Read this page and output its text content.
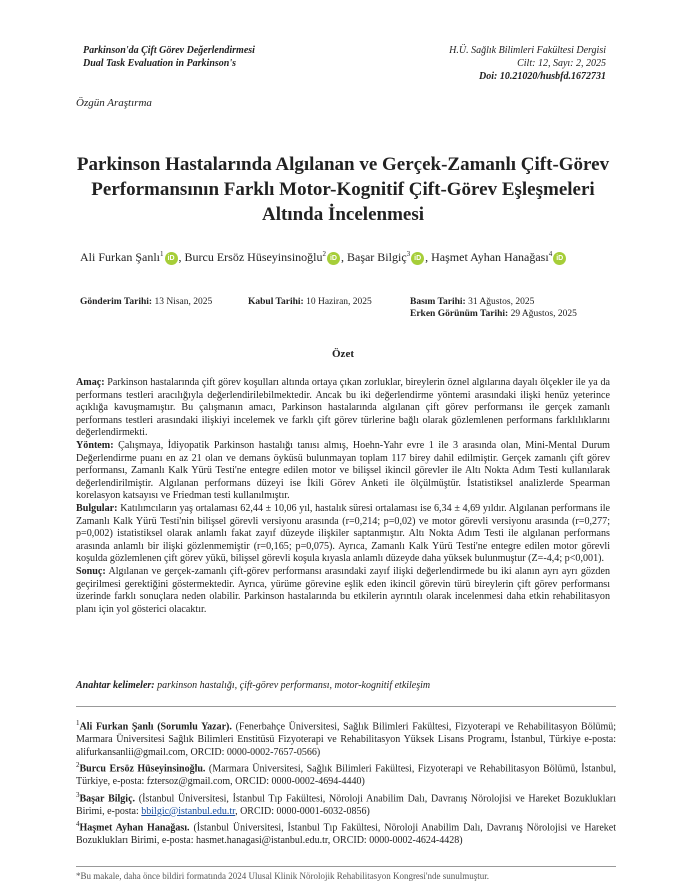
Parkinson'da Çift Görev Değerlendirmesi
Dual Task Evaluation in Parkinson's
H.Ü. Sağlık Bilimleri Fakültesi Dergisi
Cilt: 12, Sayı: 2, 2025
Doi: 10.21020/husbfd.1672731
Özgün Araştırma
Parkinson Hastalarında Algılanan ve Gerçek-Zamanlı Çift-Görev Performansının Farklı Motor-Kognitif Çift-Görev Eşleşmeleri Altında İncelenmesi
Ali Furkan Şanlı$^1$iD , Burcu Ersöz Hüseyinsinoğlu$^2$iD , Başar Bilgiç$^3$iD , Haşmet Ayhan Hanağası$^4$iD
Gönderim Tarihi: 13 Nisan, 2025	Kabul Tarihi: 10 Haziran, 2025	Basım Tarihi: 31 Ağustos, 2025
Erken Görünüm Tarihi: 29 Ağustos, 2025
Özet

Amaç: Parkinson hastalarında çift görev koşulları altında ortaya çıkan zorluklar, bireylerin öznel algılarına dayalı ölçekler ile ya da performans testleri aracılığıyla değerlendirilebilmektedir. Ancak bu iki değerlendirme yöntemi arasındaki ilişki henüz yeterince açıklığa kavuşmamıştır. Bu çalışmanın amacı, Parkinson hastalarında algılanan çift görev performansı ile gerçek zamanlı performans testleri arasındaki ilişkiyi incelemek ve farklı çift görev türlerine bağlı olarak gözlemlenen performans farklılıklarını değerlendirmekti.

Yöntem: Çalışmaya, İdiyopatik Parkinson hastalığı tanısı almış, Hoehn-Yahr evre 1 ile 3 arasında olan, Mini-Mental Durum Değerlendirme puanı en az 21 olan ve demans öyküsü bulunmayan toplam 117 birey dahil edilmiştir. Gerçek zamanlı çift görev performansı, Zamanlı Kalk Yürü Testi'ne entegre edilen motor ve bilişsel ikincil görevler ile Altı Nokta Adım Testi kullanılarak değerlendirilmiştir. Algılanan performans düzeyi ise İkili Görev Anketi ile ölçülmüştür. İstatistiksel analizlerde Spearman korelasyon katsayısı ve Friedman testi kullanılmıştır.

Bulgular: Katılımcıların yaş ortalaması 62,44 ± 10,06 yıl, hastalık süresi ortalaması ise 6,34 ± 4,69 yıldır. Algılanan performans ile Zamanlı Kalk Yürü Testi'nin bilişsel görevli versiyonu arasında (r=0,214; p=0,02) ve motor görevli versiyonu arasında (r=0,277; p=0,002) istatistiksel olarak anlamlı fakat zayıf düzeyde ilişkiler saptanmıştır. Altı Nokta Adım Testi ile algılanan performans arasında anlamlı bir ilişki gözlenmemiştir (r=0,165; p=0,075). Ayrıca, Zamanlı Kalk Yürü Testi'ne entegre edilen motor görevli koşulda gözlemlenen çift görev yükü, bilişsel görevli koşula kıyasla anlamlı düzeyde daha yüksek bulunmuştur (Z=-4,4; p<0,001).

Sonuç: Algılanan ve gerçek-zamanlı çift-görev performansı arasındaki zayıf ilişki değerlendirmede bu iki alanın ayrı ayrı gözden geçirilmesi gerektiğini göstermektedir. Ayrıca, yürüme görevine eşlik eden ikincil görevin türü bireylerin çift görev performansı üzerinde farklı sonuçlara neden olabilir. Parkinson hastalarında bu etkilerin ayrıntılı olarak incelenmesi daha etkin rehabilitasyon planı için yol gösterici olacaktır.

Anahtar kelimeler: parkinson hastalığı, çift-görev performansı, motor-kognitif etkileşim

$^1$Ali Furkan Şanlı (Sorumlu Yazar). (Fenerbahçe Üniversitesi, Sağlık Bilimleri Fakültesi, Fizyoterapi ve Rehabilitasyon Bölümü; Marmara Üniversitesi Sağlık Bilimleri Enstitüsü Fizyoterapi ve Rehabilitasyon Yüksek Lisans Programı, İstanbul, Türkiye e-posta: alifurkansanlii@gmail.com, ORCID: 0000-0002-7657-0566)

$^2$Burcu Ersöz Hüseyinsinoğlu. (Marmara Üniversitesi, Sağlık Bilimleri Fakültesi, Fizyoterapi ve Rehabilitasyon Bölümü, İstanbul, Türkiye, e-posta: fztersoz@gmail.com, ORCID: 0000-0002-4694-4440)

$^3$Başar Bilgiç. (İstanbul Üniversitesi, İstanbul Tıp Fakültesi, Nöroloji Anabilim Dalı, Davranış Nörolojisi ve Hareket Bozuklukları Birimi, e-posta: bbilgic@istanbul.edu.tr, ORCID: 0000-0001-6032-0856)

$^4$Haşmet Ayhan Hanağası. (İstanbul Üniversitesi, İstanbul Tıp Fakültesi, Nöroloji Anabilim Dalı, Davranış Nörolojisi ve Hareket Bozuklukları Birimi, e-posta: hasmet.hanagasi@istanbul.edu.tr, ORCID: 0000-0002-4624-4428)

*Bu makale, daha önce bildiri formatında 2024 Ulusal Klinik Nörolojik Rehabilitasyon Kongresi'nde sunulmuştur.
